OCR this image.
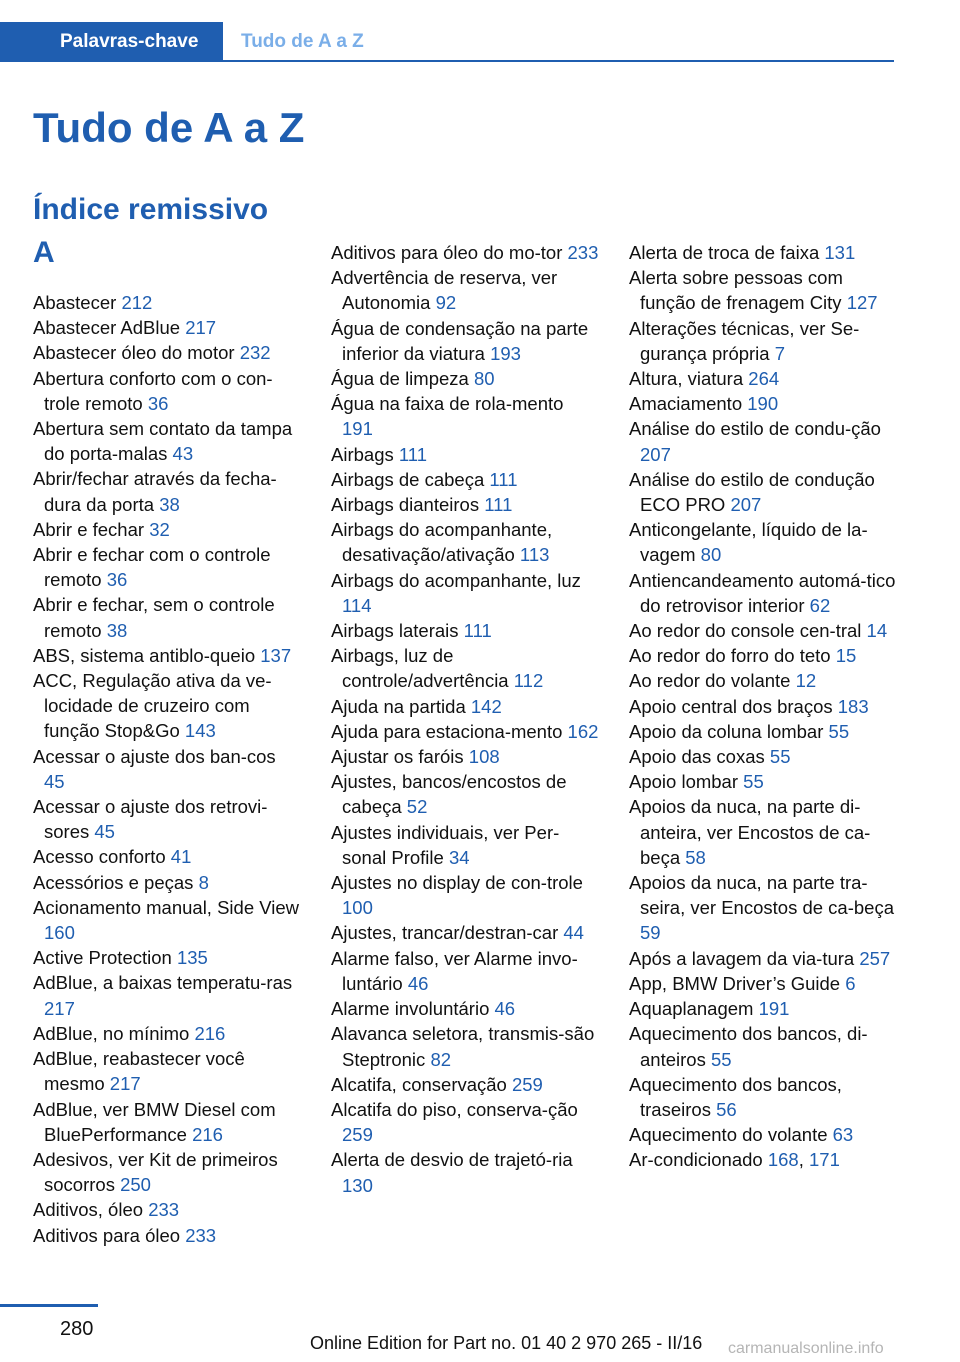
Palavras-chave	Tudo de A a Z
Tudo de A a Z
Índice remissivo
A

Abastecer 212

Abastecer AdBlue 217

Abastecer óleo do motor 232

Abertura conforto com o con‐trole remoto 36

Abertura sem contato da tampa do porta-malas 43

Abrir/fechar através da fecha‐dura da porta 38

Abrir e fechar 32

Abrir e fechar com o controle remoto 36

Abrir e fechar, sem o controle remoto 38

ABS, sistema antiblo‐queio 137

ACC, Regulação ativa da ve‐locidade de cruzeiro com função Stop&Go 143

Acessar o ajuste dos ban‐cos 45

Acessar o ajuste dos retrovi‐sores 45

Acesso conforto 41

Acessórios e peças 8

Acionamento manual, Side View 160

Active Protection 135

AdBlue, a baixas temperatu‐ras 217

AdBlue, no mínimo 216

AdBlue, reabastecer você mesmo 217

AdBlue, ver BMW Diesel com BluePerformance 216

Adesivos, ver Kit de primeiros socorros 250

Aditivos, óleo 233

Aditivos para óleo 233

Aditivos para óleo do mo‐tor 233

Advertência de reserva, ver Autonomia 92

Água de condensação na parte inferior da viatura 193

Água de limpeza 80

Água na faixa de rola‐mento 191

Airbags 111

Airbags de cabeça 111

Airbags dianteiros 111

Airbags do acompanhante, desativação/ativação 113

Airbags do acompanhante, luz 114

Airbags laterais 111

Airbags, luz de controle/advertência 112

Ajuda na partida 142

Ajuda para estaciona‐mento 162

Ajustar os faróis 108

Ajustes, bancos/encostos de cabeça 52

Ajustes individuais, ver Per‐sonal Profile 34

Ajustes no display de con‐trole 100

Ajustes, trancar/destran‐car 44

Alarme falso, ver Alarme invo‐luntário 46

Alarme involuntário 46

Alavanca seletora, transmis‐são Steptronic 82

Alcatifa, conservação 259

Alcatifa do piso, conserva‐ção 259

Alerta de desvio de trajetó‐ria 130

Alerta de troca de faixa 131

Alerta sobre pessoas com função de frenagem City 127

Alterações técnicas, ver Se‐gurança própria 7

Altura, viatura 264

Amaciamento 190

Análise do estilo de condu‐ção 207

Análise do estilo de condução ECO PRO 207

Anticongelante, líquido de la‐vagem 80

Antiencandeamento automá‐tico do retrovisor interior 62

Ao redor do console cen‐tral 14

Ao redor do forro do teto 15

Ao redor do volante 12

Apoio central dos braços 183

Apoio da coluna lombar 55

Apoio das coxas 55

Apoio lombar 55

Apoios da nuca, na parte di‐anteira, ver Encostos de ca‐beça 58

Apoios da nuca, na parte tra‐seira, ver Encostos de ca‐beça 59

Após a lavagem da via‐tura 257

App, BMW Driver’s Guide 6

Aquaplanagem 191

Aquecimento dos bancos, di‐anteiros 55

Aquecimento dos bancos, traseiros 56

Aquecimento do volante 63

Ar-condicionado 168, 171

280
Online Edition for Part no. 01 40 2 970 265 - II/16 carmanualsonline.info
